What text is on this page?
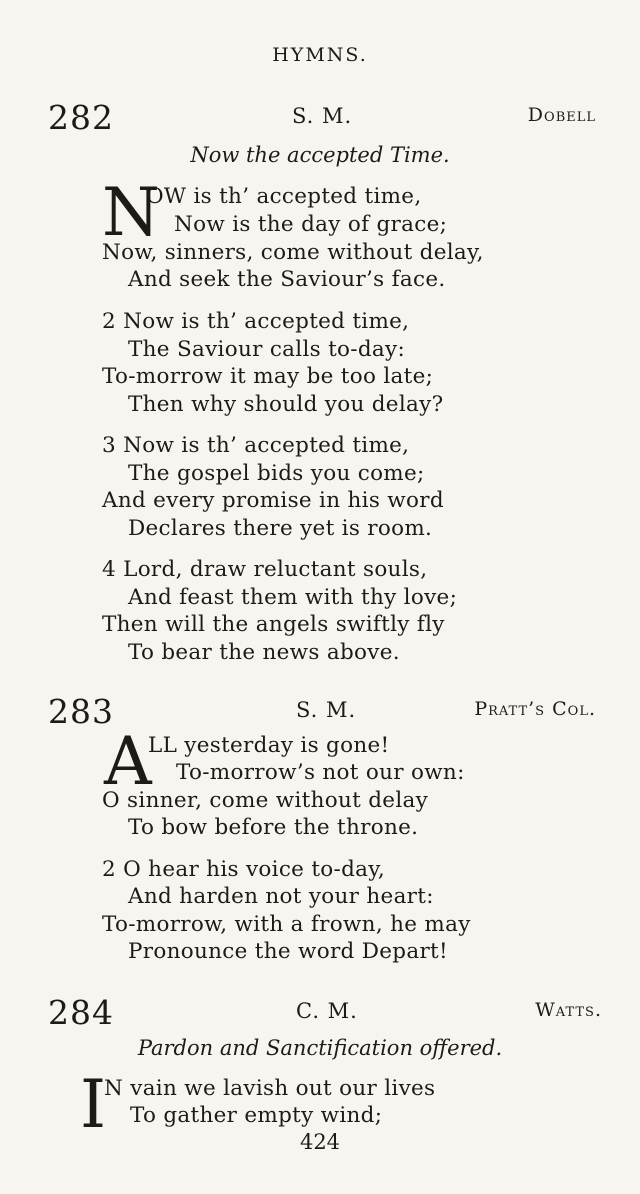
HYMNS.
282	S. M.	Dobell
Now the accepted Time.
N
OW is th’ accepted time,
Now is the day of grace;
Now, sinners, come without delay,
And seek the Saviour’s face.
2 Now is th’ accepted time,
The Saviour calls to-day:
To-morrow it may be too late;
Then why should you delay?
3 Now is th’ accepted time,
The gospel bids you come;
And every promise in his word
Declares there yet is room.
4 Lord, draw reluctant souls,
And feast them with thy love;
Then will the angels swiftly fly
To bear the news above.
283	S. M.	Pratt’s Col.
A
LL yesterday is gone!
To-morrow’s not our own:
O sinner, come without delay
To bow before the throne.
2 O hear his voice to-day,
And harden not your heart:
To-morrow, with a frown, he may
Pronounce the word Depart!
284	C. M.	Watts.
Pardon and Sanctification offered.
I
N vain we lavish out our lives
To gather empty wind;
424
